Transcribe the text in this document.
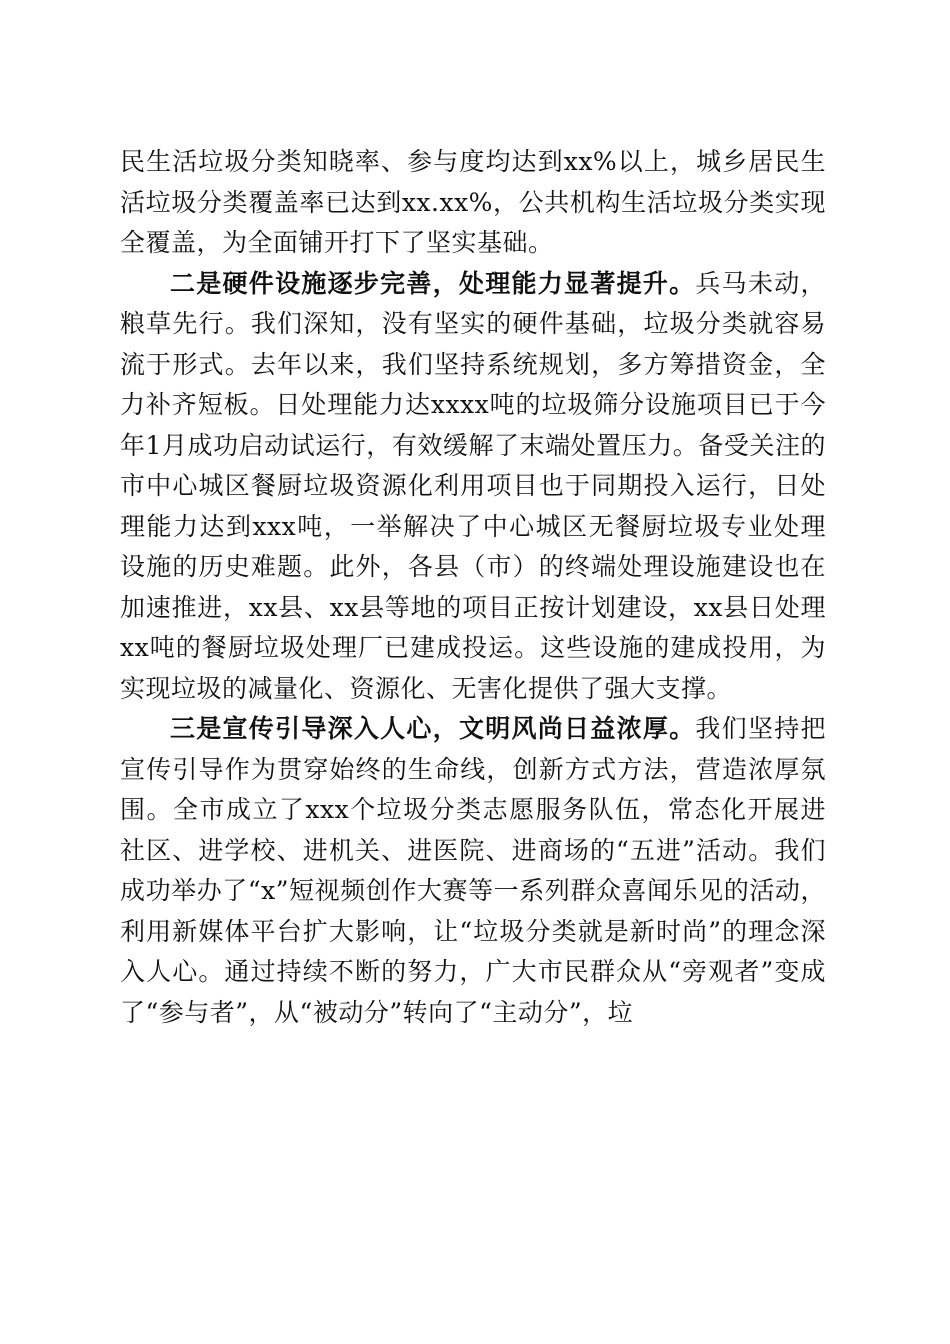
民生活垃圾分类知晓率、参与度均达到xx%以上，城乡居民生活垃圾分类覆盖率已达到xx.xx%，公共机构生活垃圾分类实现全覆盖，为全面铺开打下了坚实基础。

二是硬件设施逐步完善，处理能力显著提升。兵马未动，粮草先行。我们深知，没有坚实的硬件基础，垃圾分类就容易流于形式。去年以来，我们坚持系统规划，多方筹措资金，全力补齐短板。日处理能力达xxxx吨的垃圾筛分设施项目已于今年1月成功启动试运行，有效缓解了末端处置压力。备受关注的市中心城区餐厨垃圾资源化利用项目也于同期投入运行，日处理能力达到xxx吨，一举解决了中心城区无餐厨垃圾专业处理设施的历史难题。此外，各县（市）的终端处理设施建设也在加速推进，xx县、xx县等地的项目正按计划建设，xx县日处理xx吨的餐厨垃圾处理厂已建成投运。这些设施的建成投用，为实现垃圾的减量化、资源化、无害化提供了强大支撑。

三是宣传引导深入人心，文明风尚日益浓厚。我们坚持把宣传引导作为贯穿始终的生命线，创新方式方法，营造浓厚氛围。全市成立了xxx个垃圾分类志愿服务队伍，常态化开展进社区、进学校、进机关、进医院、进商场的“五进”活动。我们成功举办了“x”短视频创作大赛等一系列群众喜闻乐见的活动，利用新媒体平台扩大影响，让“垃圾分类就是新时尚”的理念深入人心。通过持续不断的努力，广大市民群众从“旁观者”变成了“参与者”，从“被动分”转向了“主动分”，垃
